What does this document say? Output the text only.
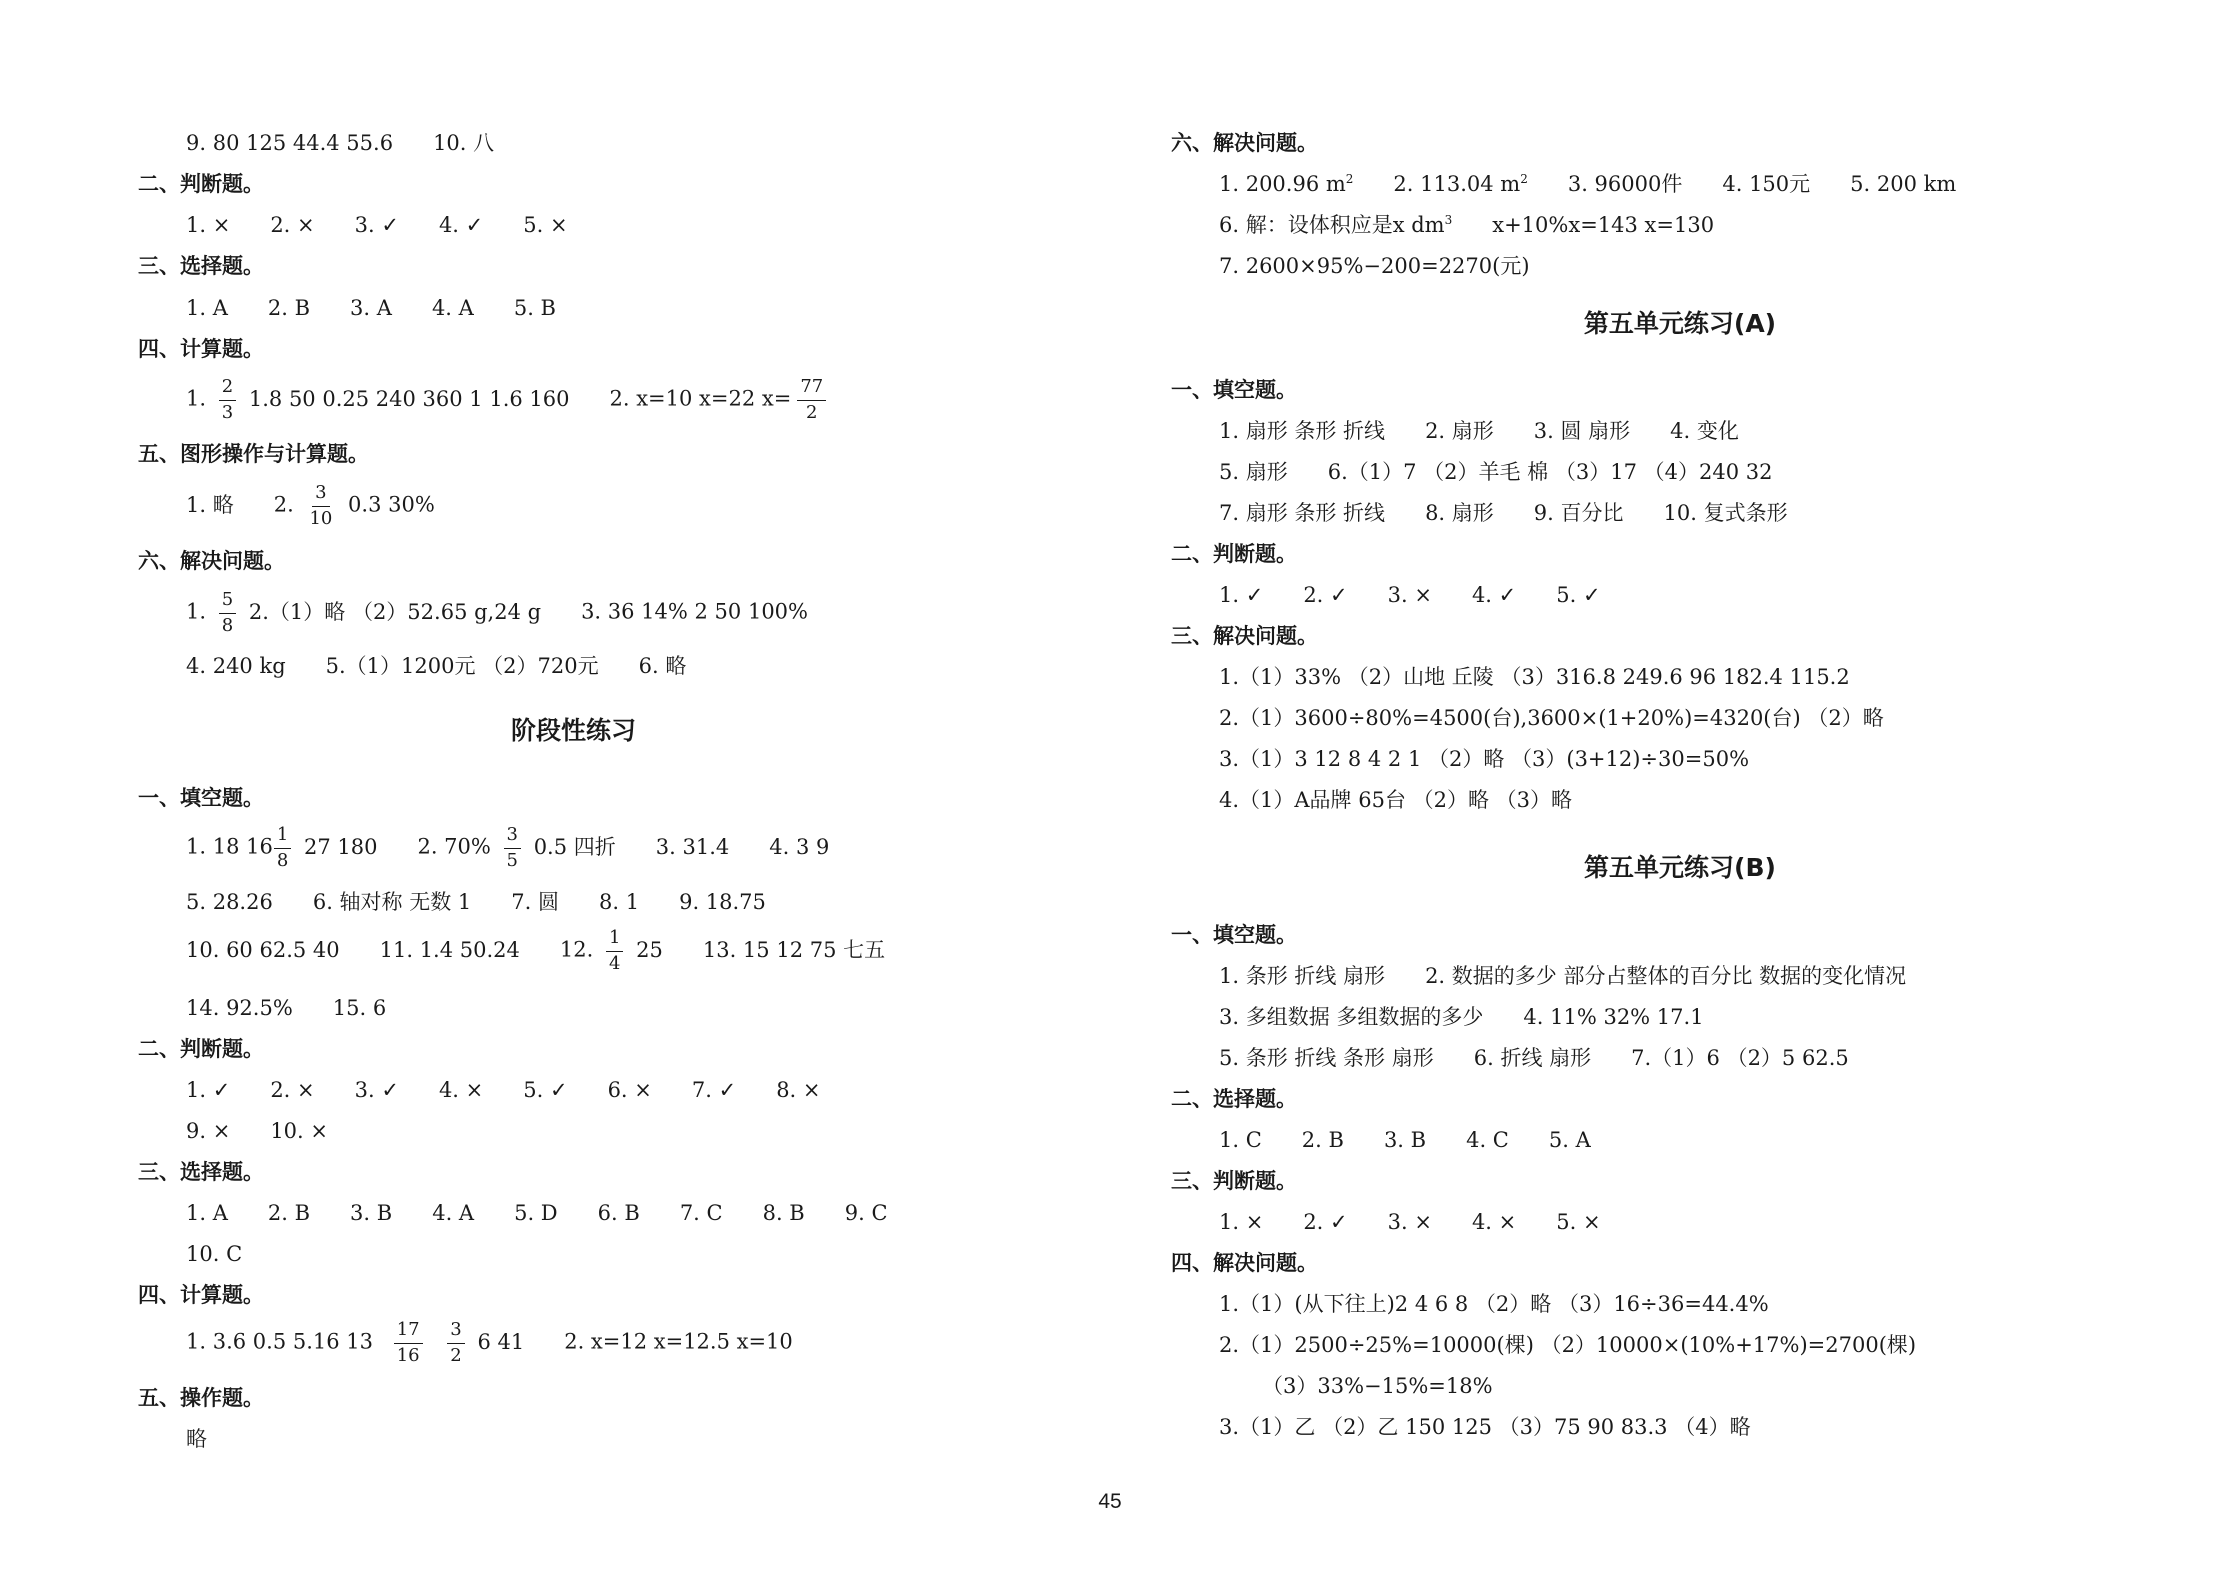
9. 80 125 44.4 55.6 10. 八
二、判断题。
1. × 2. × 3. ✓ 4. ✓ 5. ×
三、选择题。
1. A 2. B 3. A 4. A 5. B
四、计算题。
1. $\frac{2}{3} 1.8$ 50 0.25 240 360 1 1.6 160 2. x=10 x=22 $x= \frac{77}{2}$
五、图形操作与计算题。
1. 略 2. $\frac{3}{10} 0.3$ 30%
六、解决问题。
1. $\frac{5}{8} 2.(1)$略 （2）52.65 g,24 g 3. 36 14% 2 50 100%
4. 240 kg 5.（1）1200元 （2）720元 6. 略
阶段性练习
一、填空题。
1. 18 $16 \frac{1}{8} 27$ 180 2. $70\% \frac{3}{5} 0.5$ 四折 3. 31.4 4. 3 9
5. 28.26 6. 轴对称 无数 1 7. 圆 8. 1 9. 18.75
10. 60 62.5 40 11. 1.4 50.24 12. $\frac{1}{4} 25$ 13. 15 12 75 七五
14. 92.5% 15. 6
二、判断题。
1. ✓ 2. × 3. ✓ 4. × 5. ✓ 6. × 7. ✓ 8. ×
9. × 10. ×
三、选择题。
1. A 2. B 3. B 4. A 5. D 6. B 7. C 8. B 9. C
10. C
四、计算题。
1. 3.6 0.5 5.16 $13 \frac{17}{16}$
$\frac{3}{2} 6$ 41 2. x=12 x=12.5 x=10
五、操作题。
略
六、解决问题。
1. 200.96 $m^2$ 2. 113.04 $m^2$ 3. 96000件 4. 150元 5. 200 km
6. 解：设体积应是x $dm^3$ x+10%x=143 x=130
7. 2600×95%−200=2270(元)
第五单元练习(A)
一、填空题。
1. 扇形 条形 折线 2. 扇形 3. 圆 扇形 4. 变化
5. 扇形 6.（1）7 （2）羊毛 棉 （3）17 （4）240 32
7. 扇形 条形 折线 8. 扇形 9. 百分比 10. 复式条形
二、判断题。
1. ✓ 2. ✓ 3. × 4. ✓ 5. ✓
三、解决问题。
1.（1）33% （2）山地 丘陵 （3）316.8 249.6 96 182.4 115.2
2.（1）3600÷80%=4500(台),3600×(1+20%)=4320(台) （2）略
3.（1）3 12 8 4 2 1 （2）略 （3）(3+12)÷30=50%
4.（1）A品牌 65台 （2）略 （3）略
第五单元练习(B)
一、填空题。
1. 条形 折线 扇形 2. 数据的多少 部分占整体的百分比 数据的变化情况
3. 多组数据 多组数据的多少 4. 11% 32% 17.1
5. 条形 折线 条形 扇形 6. 折线 扇形 7.（1）6 （2）5 62.5
二、选择题。
1. C 2. B 3. B 4. C 5. A
三、判断题。
1. × 2. ✓ 3. × 4. × 5. ×
四、解决问题。
1.（1）(从下往上)2 4 6 8 （2）略 （3）16÷36=44.4%
2.（1）2500÷25%=10000(棵) （2）10000×(10%+17%)=2700(棵)
（3）33%−15%=18%
3.（1）乙 （2）乙 150 125 （3）75 90 83.3 （4）略
45
